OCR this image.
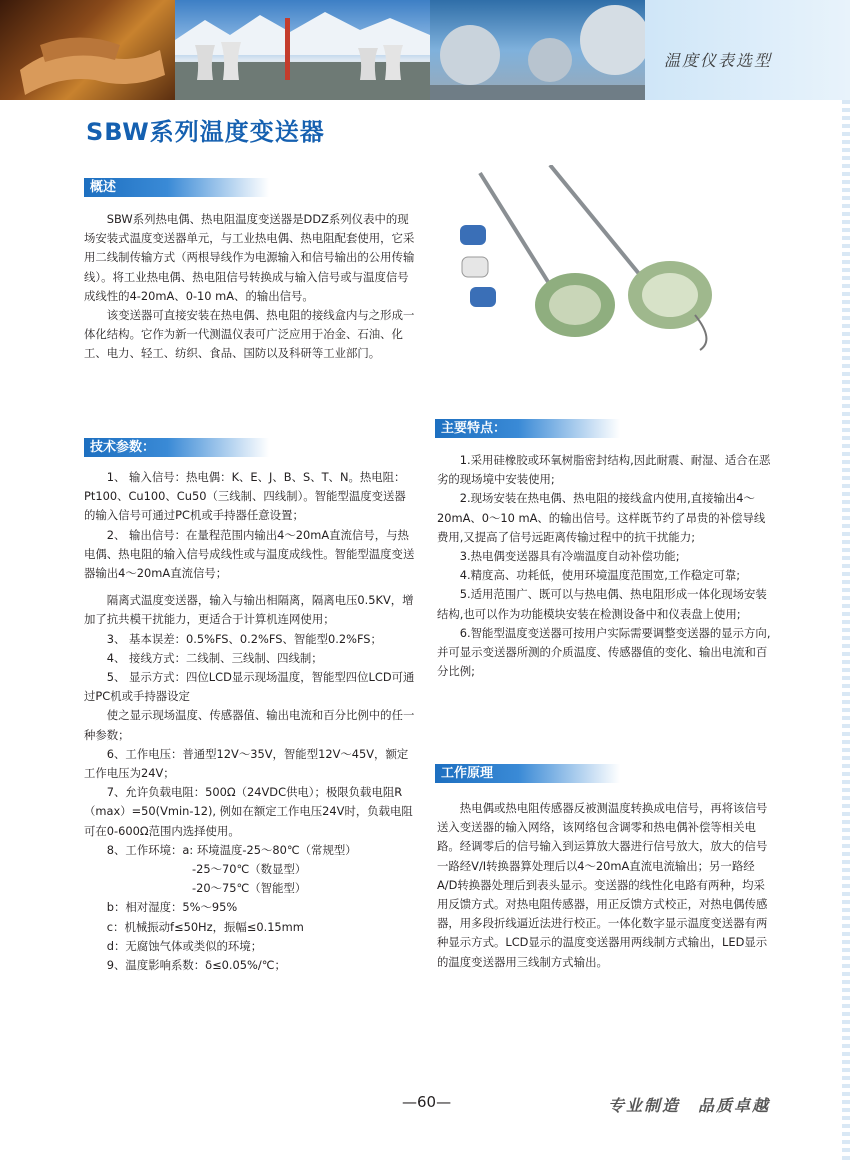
温度仪表选型
SBW系列温度变送器
概述

SBW系列热电偶、热电阻温度变送器是DDZ系列仪表中的现场安装式温度变送器单元，与工业热电偶、热电阻配套使用，它采用二线制传输方式（两根导线作为电源输入和信号输出的公用传输线）。将工业热电偶、热电阻信号转换成与输入信号或与温度信号成线性的4-20mA、0-10 mA、的输出信号。

该变送器可直接安装在热电偶、热电阻的接线盒内与之形成一体化结构。它作为新一代测温仪表可广泛应用于冶金、石油、化工、电力、轻工、纺织、食品、国防以及科研等工业部门。

主要特点：

1.采用硅橡胶或环氧树脂密封结构,因此耐震、耐湿、适合在恶劣的现场境中安装使用;

2.现场安装在热电偶、热电阻的接线盒内使用,直接输出4～20mA、0～10 mA、的输出信号。这样既节约了昂贵的补偿导线费用,又提高了信号远距离传输过程中的抗干扰能力;

3.热电偶变送器具有冷端温度自动补偿功能;

4.精度高、功耗低，使用环境温度范围宽,工作稳定可靠;

5.适用范围广、既可以与热电偶、热电阻形成一体化现场安装结构,也可以作为功能模块安装在检测设备中和仪表盘上使用;

6.智能型温度变送器可按用户实际需要调整变送器的显示方向,并可显示变送器所测的介质温度、传感器值的变化、输出电流和百分比例;

技术参数：

1、 输入信号：热电偶：K、E、J、B、S、T、N。热电阻： Pt100、Cu100、Cu50（三线制、四线制）。智能型温度变送器的输入信号可通过PC机或手持器任意设置；

2、 输出信号：在量程范围内输出4～20mA直流信号，与热电偶、热电阻的输入信号成线性或与温度成线性。智能型温度变送器输出4～20mA直流信号；

隔离式温度变送器，输入与输出相隔离，隔离电压0.5KV，增加了抗共模干扰能力，更适合于计算机连网使用；

3、 基本误差：0.5%FS、0.2%FS、智能型0.2%FS；

4、 接线方式：二线制、三线制、四线制；

5、 显示方式：四位LCD显示现场温度，智能型四位LCD可通过PC机或手持器设定

使之显示现场温度、传感器值、输出电流和百分比例中的任一种参数；

6、工作电压：普通型12V～35V，智能型12V～45V，额定工作电压为24V；

7、允许负载电阻：500Ω（24VDC供电）；极限负载电阻R（max）=50(Vmin-12), 例如在额定工作电压24V时，负载电阻可在0-600Ω范围内选择使用。

8、工作环境：a: 环境温度-25～80℃（常规型）

-25～70℃（数显型）

-20～75℃（智能型）

b：相对湿度：5%～95%

c：机械振动f≤50Hz，振幅≤0.15mm

d：无腐蚀气体或类似的环境；

9、温度影响系数：δ≤0.05%/℃；

工作原理

热电偶或热电阻传感器反被测温度转换成电信号，再将该信号送入变送器的输入网络，该网络包含调零和热电偶补偿等相关电路。经调零后的信号输入到运算放大器进行信号放大，放大的信号一路经V/I转换器算处理后以4～20mA直流电流输出；另一路经A/D转换器处理后到表头显示。变送器的线性化电路有两种，均采用反馈方式。对热电阻传感器，用正反馈方式校正，对热电偶传感器，用多段折线逼近法进行校正。一体化数字显示温度变送器有两种显示方式。LCD显示的温度变送器用两线制方式输出，LED显示的温度变送器用三线制方式输出。

—60—	专业制造　品质卓越
